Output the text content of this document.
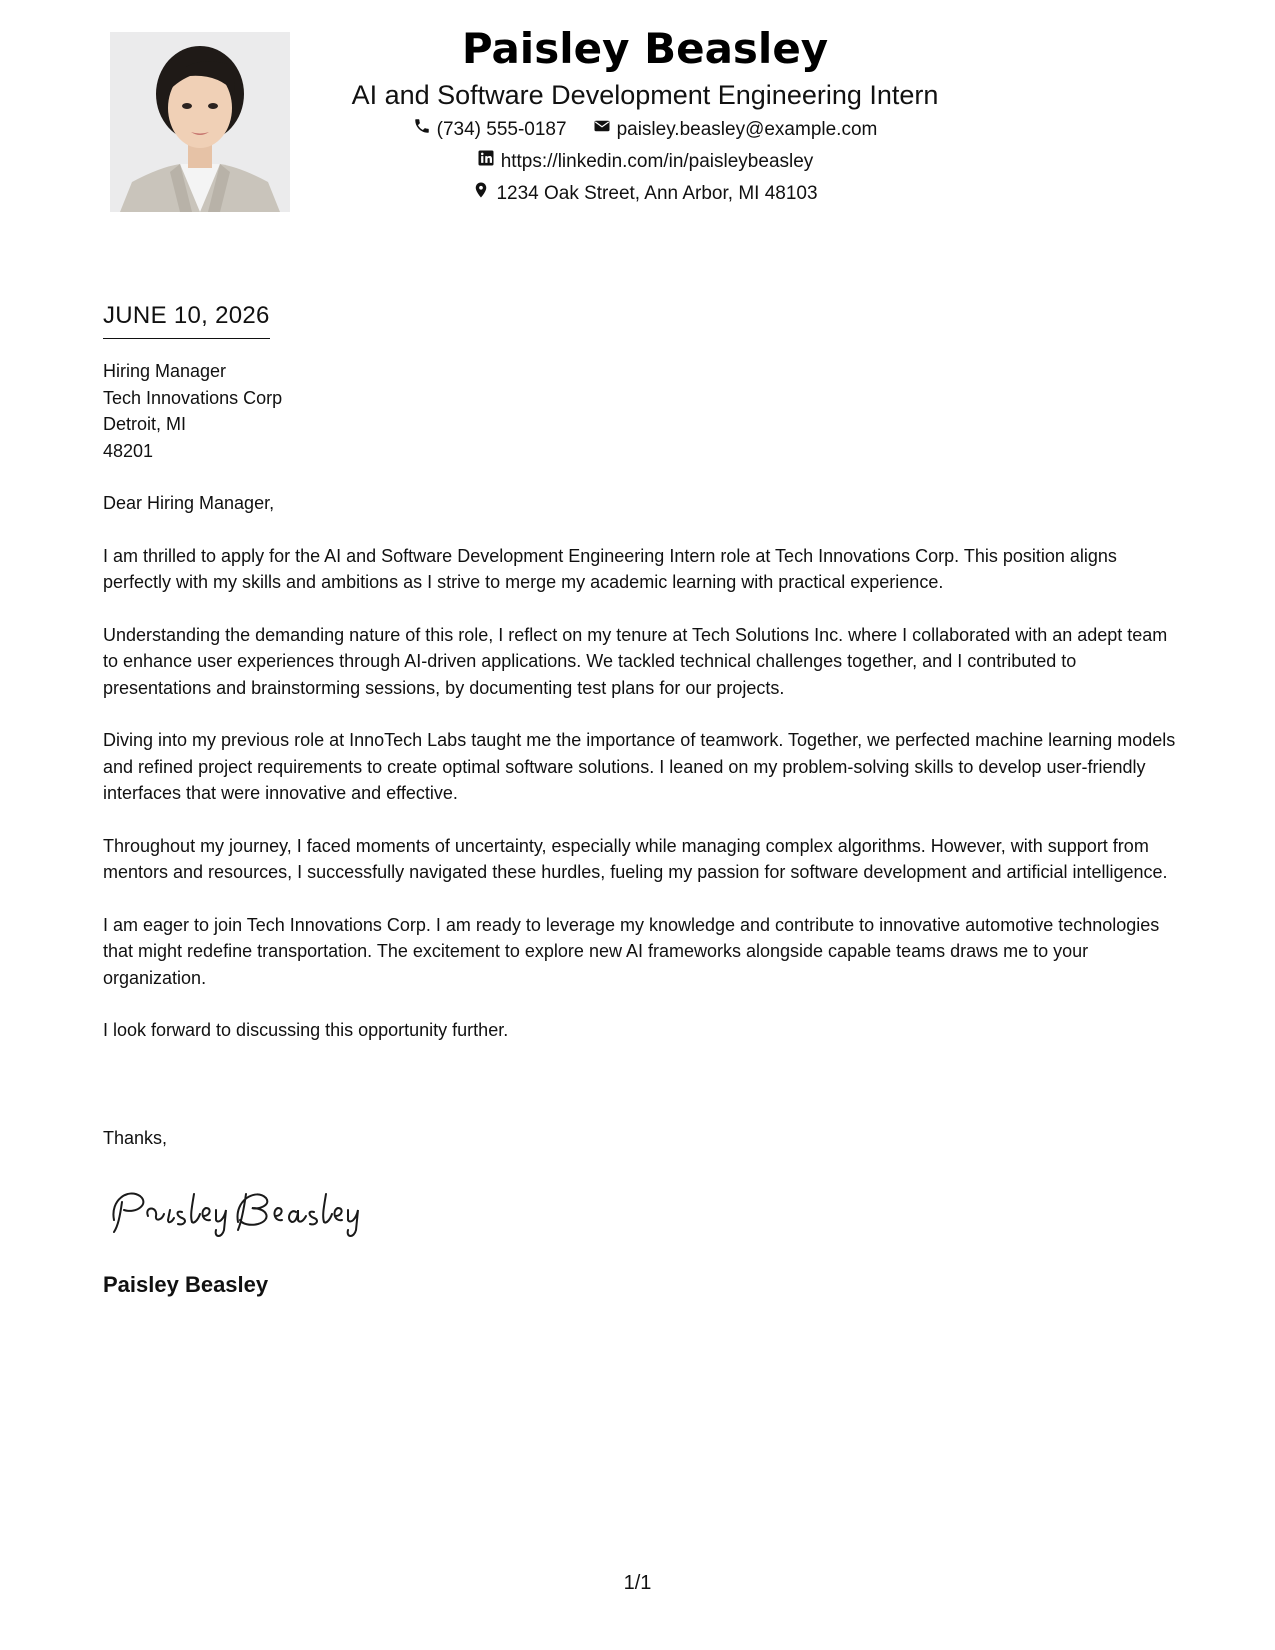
Paisley Beasley
AI and Software Development Engineering Intern
(734) 555-0187	paisley.beasley@example.com
https://linkedin.com/in/paisleybeasley
1234 Oak Street, Ann Arbor, MI 48103
JUNE 10, 2026
Hiring Manager
Tech Innovations Corp
Detroit, MI
48201

Dear Hiring Manager,

I am thrilled to apply for the AI and Software Development Engineering Intern role at Tech Innovations Corp. This position aligns perfectly with my skills and ambitions as I strive to merge my academic learning with practical experience.

Understanding the demanding nature of this role, I reflect on my tenure at Tech Solutions Inc. where I collaborated with an adept team to enhance user experiences through AI-driven applications. We tackled technical challenges together, and I contributed to presentations and brainstorming sessions, by documenting test plans for our projects.

Diving into my previous role at InnoTech Labs taught me the importance of teamwork. Together, we perfected machine learning models and refined project requirements to create optimal software solutions. I leaned on my problem-solving skills to develop user-friendly interfaces that were innovative and effective.

Throughout my journey, I faced moments of uncertainty, especially while managing complex algorithms. However, with support from mentors and resources, I successfully navigated these hurdles, fueling my passion for software development and artificial intelligence.

I am eager to join Tech Innovations Corp. I am ready to leverage my knowledge and contribute to innovative automotive technologies that might redefine transportation. The excitement to explore new AI frameworks alongside capable teams draws me to your organization.

I look forward to discussing this opportunity further.

Thanks,
Paisley Beasley
1/1
